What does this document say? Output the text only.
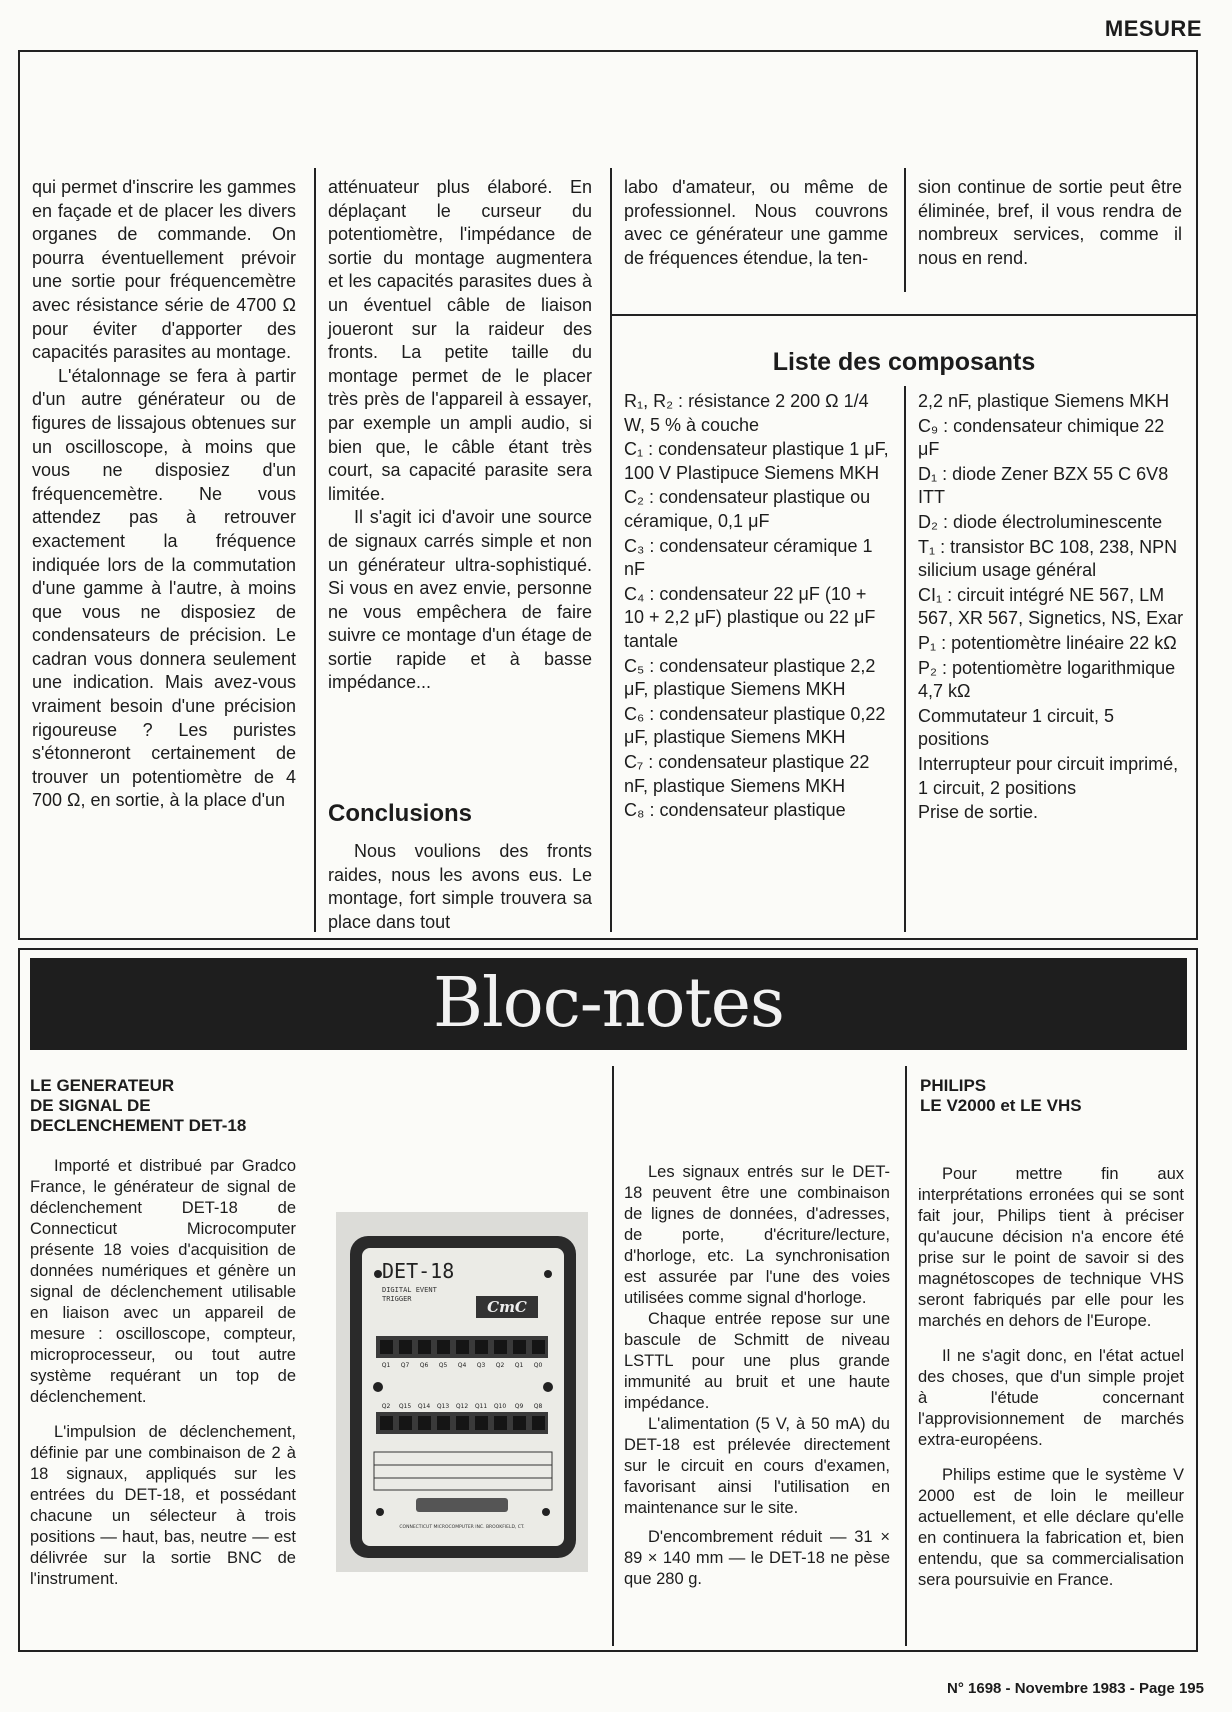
MESURE

qui permet d'inscrire les gammes en façade et de placer les divers organes de commande. On pourra éventuellement prévoir une sortie pour fréquencemètre avec résistance série de 4700 Ω pour éviter d'apporter des capacités parasites au montage.

L'étalonnage se fera à partir d'un autre générateur ou de figures de lissajous obtenues sur un oscilloscope, à moins que vous ne disposiez d'un fréquencemètre. Ne vous attendez pas à retrouver exactement la fréquence indiquée lors de la commutation d'une gamme à l'autre, à moins que vous ne disposiez de condensateurs de précision. Le cadran vous donnera seulement une indication. Mais avez-vous vraiment besoin d'une précision rigoureuse ? Les puristes s'étonneront certainement de trouver un potentiomètre de 4 700 Ω, en sortie, à la place d'un

atténuateur plus élaboré. En déplaçant le curseur du potentiomètre, l'impédance de sortie du montage augmentera et les capacités parasites dues à un éventuel câble de liaison joueront sur la raideur des fronts. La petite taille du montage permet de le placer très près de l'appareil à essayer, par exemple un ampli audio, si bien que, le câble étant très court, sa capacité parasite sera limitée.

Il s'agit ici d'avoir une source de signaux carrés simple et non un générateur ultra-sophistiqué. Si vous en avez envie, personne ne vous empêchera de faire suivre ce montage d'un étage de sortie rapide et à basse impédance...

Conclusions

Nous voulions des fronts raides, nous les avons eus. Le montage, fort simple trouvera sa place dans tout

labo d'amateur, ou même de professionnel. Nous couvrons avec ce générateur une gamme de fréquences étendue, la ten-

sion continue de sortie peut être éliminée, bref, il vous rendra de nombreux services, comme il nous en rend.

Liste des composants
R₁, R₂ : résistance 2 200 Ω 1/4 W, 5 % à couche
C₁ : condensateur plastique 1 μF, 100 V Plastipuce Siemens MKH
C₂ : condensateur plastique ou céramique, 0,1 μF
C₃ : condensateur céramique 1 nF
C₄ : condensateur 22 μF (10 + 10 + 2,2 μF) plastique ou 22 μF tantale
C₅ : condensateur plastique 2,2 μF, plastique Siemens MKH
C₆ : condensateur plastique 0,22 μF, plastique Siemens MKH
C₇ : condensateur plastique 22 nF, plastique Siemens MKH
C₈ : condensateur plastique
2,2 nF, plastique Siemens MKH
C₉ : condensateur chimique 22 μF
D₁ : diode Zener BZX 55 C 6V8 ITT
D₂ : diode électroluminescente
T₁ : transistor BC 108, 238, NPN silicium usage général
CI₁ : circuit intégré NE 567, LM 567, XR 567, Signetics, NS, Exar
P₁ : potentiomètre linéaire 22 kΩ
P₂ : potentiomètre logarithmique 4,7 kΩ
Commutateur 1 circuit, 5 positions
Interrupteur pour circuit imprimé, 1 circuit, 2 positions
Prise de sortie.
Bloc-notes
LE GENERATEUR
DE SIGNAL DE
DECLENCHEMENT DET-18

Importé et distribué par Gradco France, le générateur de signal de déclenchement DET-18 de Connecticut Microcomputer présente 18 voies d'acquisition de données numériques et génère un signal de déclenchement utilisable en liaison avec un appareil de mesure : oscilloscope, compteur, microprocesseur, ou tout autre système requérant un top de déclenchement.

L'impulsion de déclenchement, définie par une combinaison de 2 à 18 signaux, appliqués sur les entrées du DET-18, et possédant chacune un sélecteur à trois positions — haut, bas, neutre — est délivrée sur la sortie BNC de l'instrument.

DET-18
DIGITAL EVENT
TRIGGER	CmC
Q1 Q7 Q6 Q5 Q4 Q3 Q2 Q1 Q0
Q2 Q15 Q14 Q13 Q12 Q11 Q10 Q9 Q8
CONNECTICUT MICROCOMPUTER INC. BROOKFIELD, CT.

Les signaux entrés sur le DET-18 peuvent être une combinaison de lignes de données, d'adresses, de porte, d'écriture/lecture, d'horloge, etc. La synchronisation est assurée par l'une des voies utilisées comme signal d'horloge.

Chaque entrée repose sur une bascule de Schmitt de niveau LSTTL pour une plus grande immunité au bruit et une haute impédance.

L'alimentation (5 V, à 50 mA) du DET-18 est prélevée directement sur le circuit en cours d'examen, favorisant ainsi l'utilisation en maintenance sur le site.

D'encombrement réduit — 31 × 89 × 140 mm — le DET-18 ne pèse que 280 g.

PHILIPS
LE V2000 et LE VHS

Pour mettre fin aux interprétations erronées qui se sont fait jour, Philips tient à préciser qu'aucune décision n'a encore été prise sur le point de savoir si des magnétoscopes de technique VHS seront fabriqués par elle pour les marchés en dehors de l'Europe.

Il ne s'agit donc, en l'état actuel des choses, que d'un simple projet à l'étude concernant l'approvisionnement de marchés extra-européens.

Philips estime que le système V 2000 est de loin le meilleur actuellement, et elle déclare qu'elle en continuera la fabrication et, bien entendu, que sa commercialisation sera poursuivie en France.

N° 1698 - Novembre 1983 - Page 195
